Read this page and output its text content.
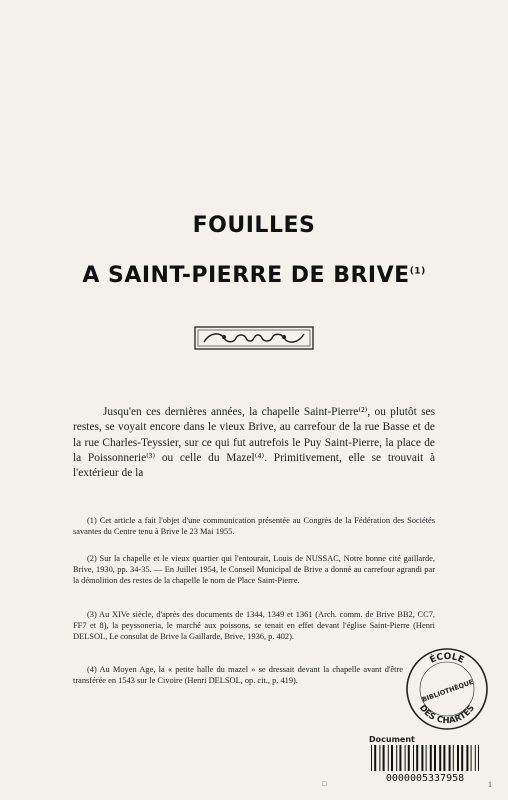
FOUILLES
A SAINT-PIERRE DE BRIVE$^{(1)}$

Jusqu'en ces dernières années, la chapelle Saint-Pierre⁽²⁾, ou plutôt ses restes, se voyait encore dans le vieux Brive, au carrefour de la rue Basse et de la rue Charles-Teyssier, sur ce qui fut autrefois le Puy Saint-Pierre, la place de la Poissonnerie⁽³⁾ ou celle du Mazel⁽⁴⁾. Primitivement, elle se trouvait à l'extérieur de la

(1) Cet article a fait l'objet d'une communication présentée au Congrès de la Fédération des Sociétés savantes du Centre tenu à Brive le 23 Mai 1955.

(2) Sur la chapelle et le vieux quartier qui l'entourait, Louis de NUSSAC, Notre bonne cité gaillarde, Brive, 1930, pp. 34-35. — En Juillet 1954, le Conseil Municipal de Brive a donné au carrefour agrandi par la démolition des restes de la chapelle le nom de Place Saint-Pierre.

(3) Au XIVe siècle, d'après des documents de 1344, 1349 et 1361 (Arch. comm. de Brive BB2, CC7, FF7 et 8), la peyssoneria, le marché aux poissons, se tenait en effet devant l'église Saint-Pierre (Henri DELSOL, Le consulat de Brive la Gaillarde, Brive, 1936, p. 402).

(4) Au Moyen Age, la « petite halle du mazel » se dressait devant la chapelle avant d'être transférée en 1543 sur le Civoire (Henri DELSOL, op. cit., p. 419).

ÉCOLE
BIBLIOTHÈQUE
DES CHARTES
Document
0000005337958
□	1
